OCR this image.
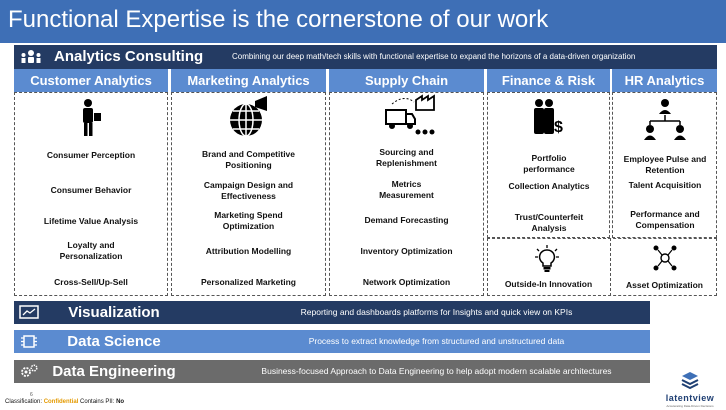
Functional Expertise is the cornerstone of our work
Analytics Consulting	Combining our deep math/tech skills with functional expertise to expand the horizons of a data-driven organization
Customer Analytics	Marketing Analytics	Supply Chain	Finance & Risk	HR Analytics
$
Consumer Perception
Consumer Behavior
Lifetime Value Analysis
Loyalty and Personalization
Cross-Sell/Up-Sell
Brand and Competitive Positioning
Campaign Design and Effectiveness
Marketing Spend Optimization
Attribution Modelling
Personalized Marketing
Sourcing and Replenishment
Metrics Measurement
Demand Forecasting
Inventory Optimization
Network Optimization
Portfolio performance
Collection Analytics
Trust/Counterfeit Analysis
Employee Pulse and Retention
Talent Acquisition
Performance and Compensation
Outside-In Innovation	Asset Optimization
Visualization	Reporting and dashboards platforms for Insights and quick view on KPIs
Data Science	Process to extract knowledge from structured and unstructured data
Data Engineering	Business-focused Approach to Data Engineering to help adopt modern scalable architectures
6
Classification: Confidential Contains PII: No	latentview
Accelerating Data-Driven Decisions
